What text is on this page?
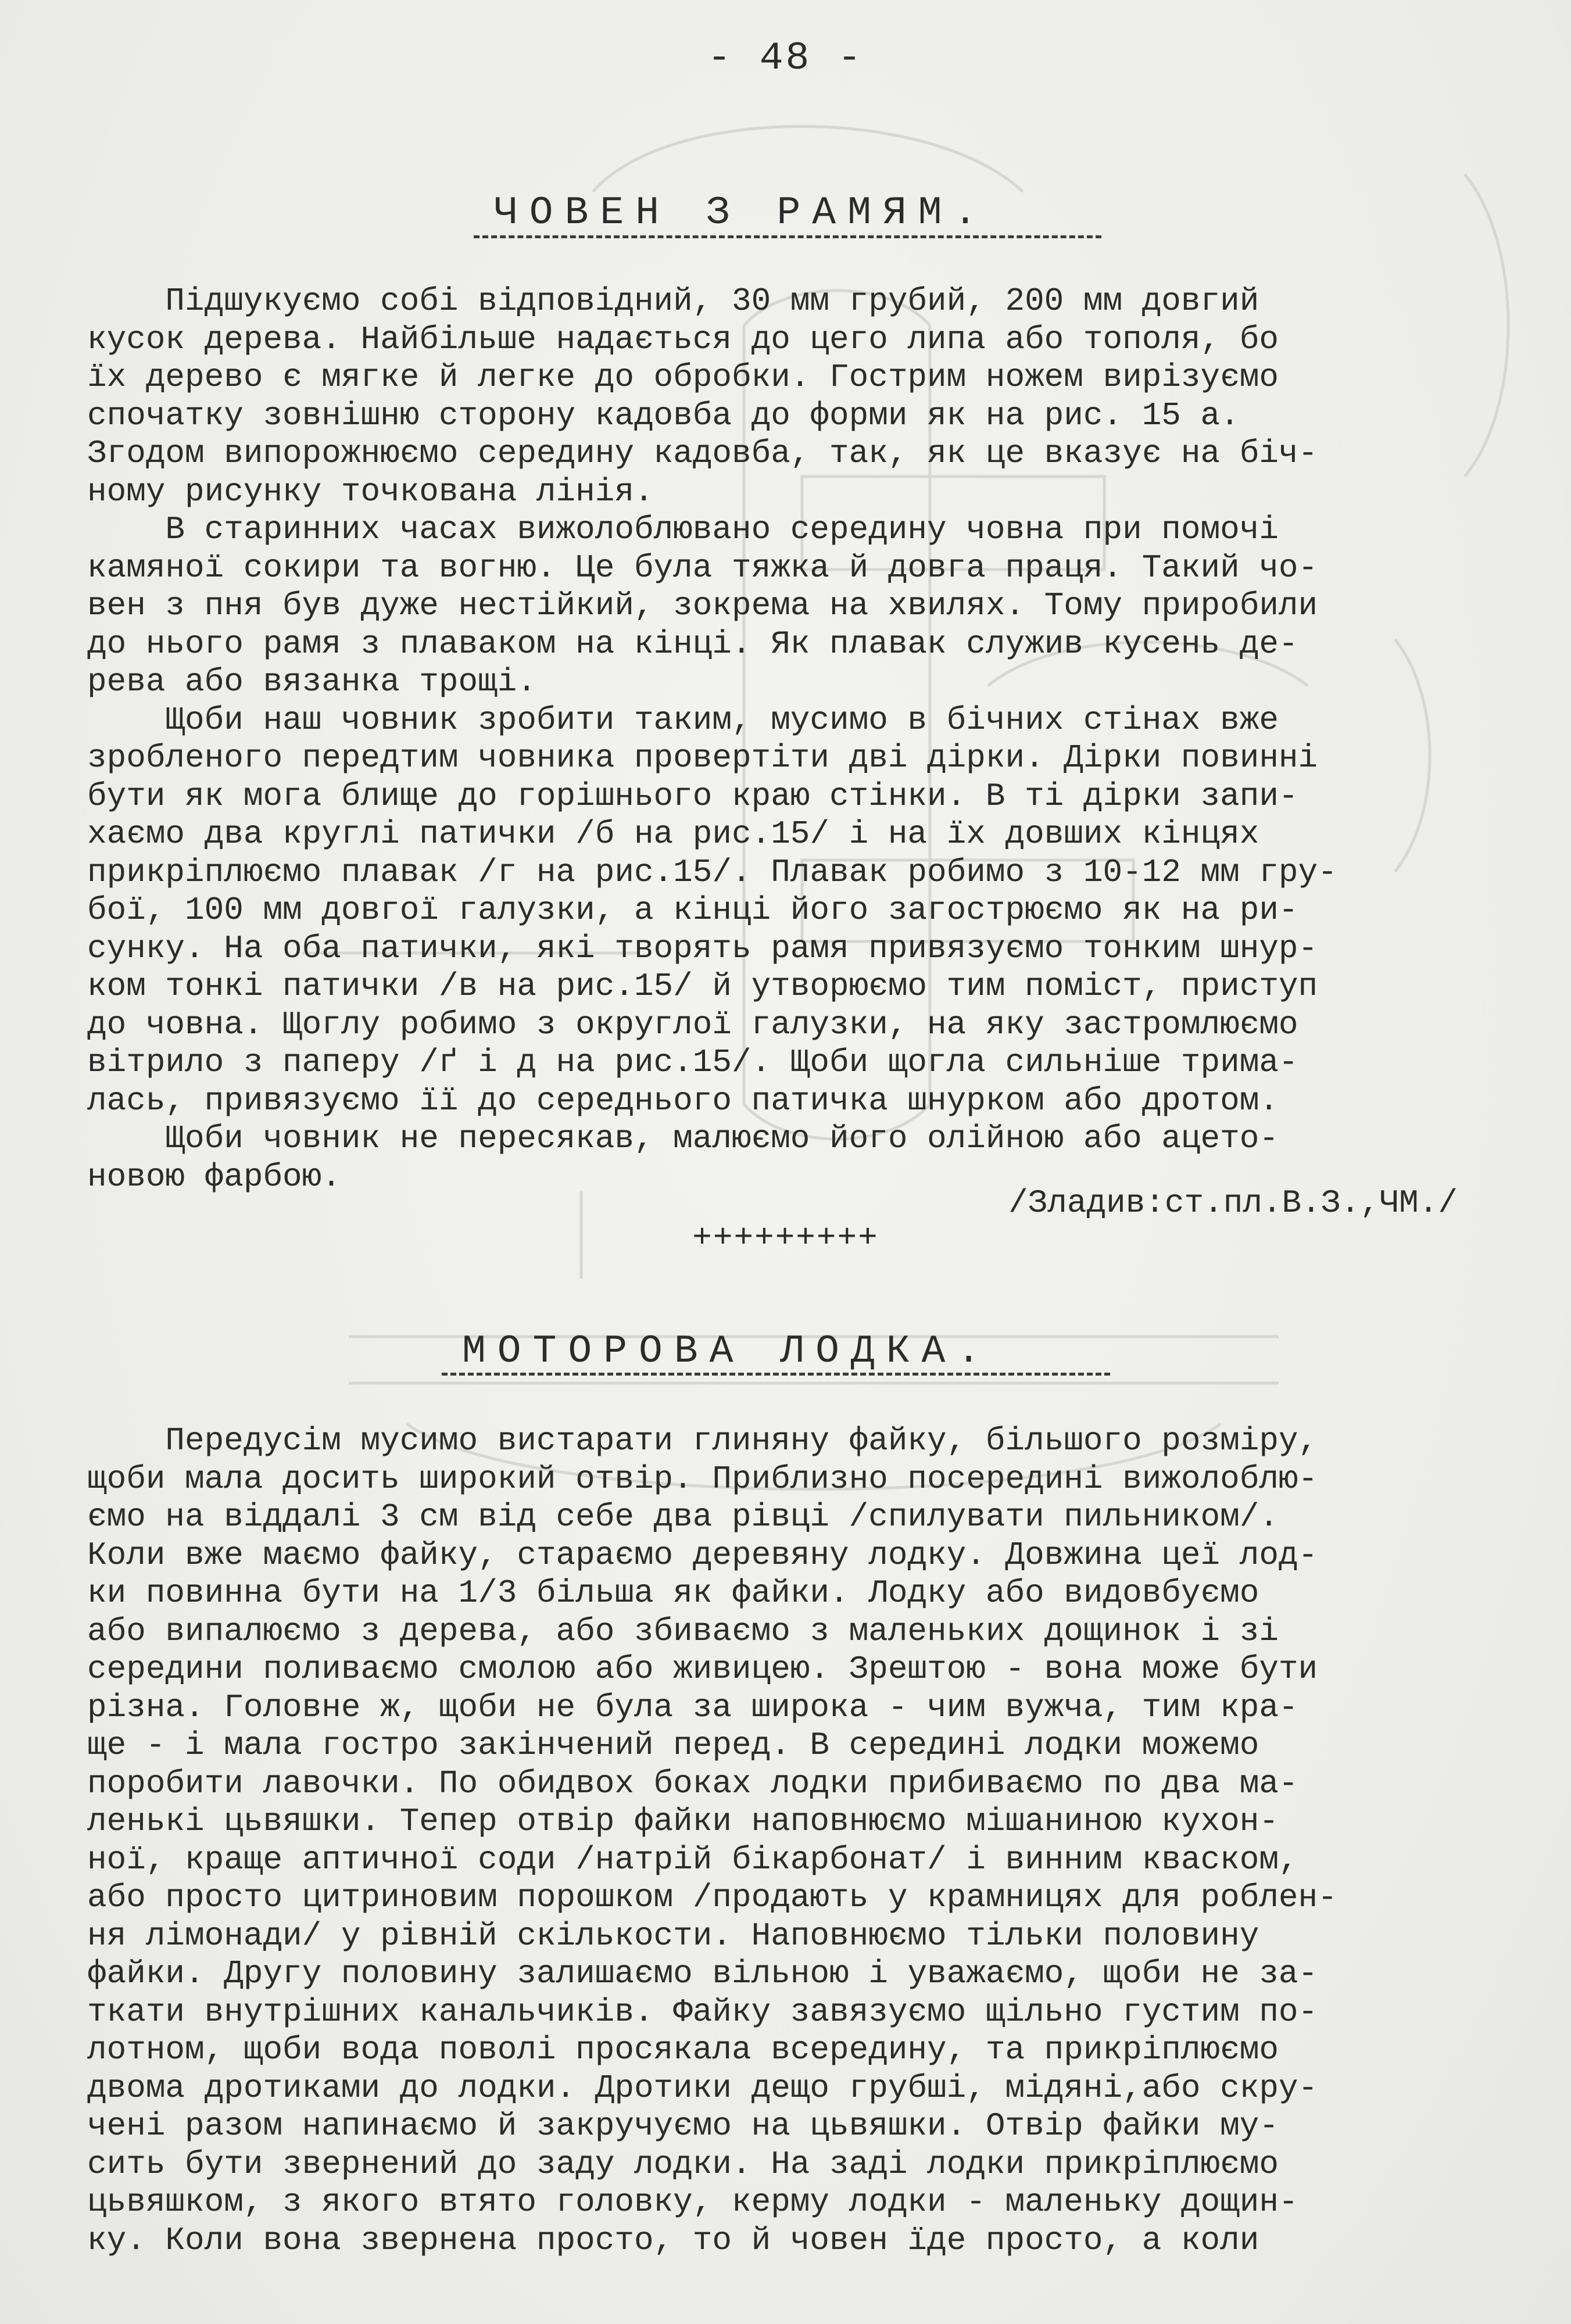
- 48 -
ЧОВЕН З РАМЯМ.
Підшукуємо собі відповідний, 30 мм грубий, 200 мм довгий
кусок дерева. Найбільше надається до цего липа або тополя, бо
їх дерево є мягке й легке до обробки. Гострим ножем вирізуємо
спочатку зовнішню сторону кадовба до форми як на рис. 15 а.
Згодом випорожнюємо середину кадовба, так, як це вказує на біч-
ному рисунку точкована лінія.
В старинних часах вижолоблювано середину човна при помочі
камяної сокири та вогню. Це була тяжка й довга праця. Такий чо-
вен з пня був дуже нестійкий, зокрема на хвилях. Тому приробили
до нього рамя з плаваком на кінці. Як плавак служив кусень де-
рева або вязанка трощі.
Щоби наш човник зробити таким, мусимо в бічних стінах вже
зробленого передтим човника провертіти дві дірки. Дірки повинні
бути як мога блище до горішнього краю стінки. В ті дірки запи-
хаємо два круглі патички /б на рис.15/ і на їх довших кінцях
прикріплюємо плавак /г на рис.15/. Плавак робимо з 10-12 мм гру-
бої, 100 мм довгої галузки, а кінці його загострюємо як на ри-
сунку. На оба патички, які творять рамя привязуємо тонким шнур-
ком тонкі патички /в на рис.15/ й утворюємо тим поміст, приступ
до човна. Щоглу робимо з округлої галузки, на яку застромлюємо
вітрило з паперу /ґ і д на рис.15/. Щоби щогла сильніше трима-
лась, привязуємо її до середнього патичка шнурком або дротом.
Щоби човник не пересякав, малюємо його олійною або ацето-
новою фарбою.
/Зладив:ст.пл.В.З.,ЧМ./
+++++++++
МОТОРОВА ЛОДКА.
Передусім мусимо вистарати глиняну файку, більшого розміру,
щоби мала досить широкий отвір. Приблизно посередині вижолоблю-
ємо на віддалі 3 см від себе два рівці /спилувати пильником/.
Коли вже маємо файку, стараємо деревяну лодку. Довжина цеї лод-
ки повинна бути на 1/3 більша як файки. Лодку або видовбуємо
або випалюємо з дерева, або збиваємо з маленьких дощинок і зі
середини поливаємо смолою або живицею. Зрештою - вона може бути
різна. Головне ж, щоби не була за широка - чим вужча, тим кра-
ще - і мала гостро закінчений перед. В середині лодки можемо
поробити лавочки. По обидвох боках лодки прибиваємо по два ма-
ленькі цьвяшки. Тепер отвір файки наповнюємо мішаниною кухон-
ної, краще аптичної соди /натрій бікарбонат/ і винним кваском,
або просто цитриновим порошком /продають у крамницях для роблен-
ня лімонади/ у рівній скількости. Наповнюємо тільки половину
файки. Другу половину залишаємо вільною і уважаємо, щоби не за-
ткати внутрішних канальчиків. Файку завязуємо щільно густим по-
лотном, щоби вода поволі просякала всередину, та прикріплюємо
двома дротиками до лодки. Дротики дещо грубші, мідяні,або скру-
чені разом напинаємо й закручуємо на цьвяшки. Отвір файки му-
сить бути звернений до заду лодки. На заді лодки прикріплюємо
цьвяшком, з якого втято головку, керму лодки - маленьку дощин-
ку. Коли вона звернена просто, то й човен їде просто, а коли
